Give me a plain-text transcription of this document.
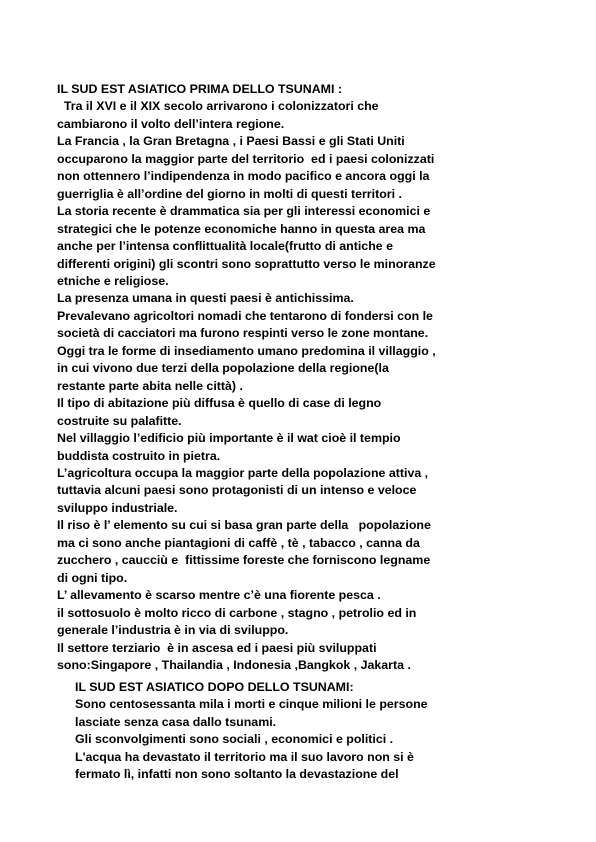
IL SUD EST ASIATICO PRIMA DELLO TSUNAMI :
Tra il XVI e il XIX secolo arrivarono i colonizzatori che
cambiarono il volto dell’intera regione.
La Francia , la Gran Bretagna , i Paesi Bassi e gli Stati Uniti
occuparono la maggior parte del territorio  ed i paesi colonizzati
non ottennero l’indipendenza in modo pacifico e ancora oggi la
guerriglia è all’ordine del giorno in molti di questi territori .
La storia recente è drammatica sia per gli interessi economici e
strategici che le potenze economiche hanno in questa area ma
anche per l’intensa conflittualità locale(frutto di antiche e
differenti origini) gli scontri sono soprattutto verso le minoranze
etniche e religiose.
La presenza umana in questi paesi è antichissima.
Prevalevano agricoltori nomadi che tentarono di fondersi con le
società di cacciatori ma furono respinti verso le zone montane.
Oggi tra le forme di insediamento umano predomina il villaggio ,
in cui vivono due terzi della popolazione della regione(la
restante parte abita nelle città) .
Il tipo di abitazione più diffusa è quello di case di legno
costruite su palafitte.
Nel villaggio l’edificio più importante è il wat cioè il tempio
buddista costruito in pietra.
L’agricoltura occupa la maggior parte della popolazione attiva ,
tuttavia alcuni paesi sono protagonisti di un intenso e veloce
sviluppo industriale.
Il riso è l’ elemento su cui si basa gran parte della   popolazione
ma ci sono anche piantagioni di caffè , tè , tabacco , canna da
zucchero , caucciù e  fittissime foreste che forniscono legname
di ogni tipo.
L’ allevamento è scarso mentre c’è una fiorente pesca .
il sottosuolo è molto ricco di carbone , stagno , petrolio ed in
generale l’industria è in via di sviluppo.
Il settore terziario  è in ascesa ed i paesi più sviluppati
sono:Singapore , Thailandia , Indonesia ,Bangkok , Jakarta .
IL SUD EST ASIATICO DOPO DELLO TSUNAMI:
Sono centosessanta mila i morti e cinque milioni le persone
lasciate senza casa dallo tsunami.
Gli sconvolgimenti sono sociali , economici e politici .
L'acqua ha devastato il territorio ma il suo lavoro non si è
fermato lì, infatti non sono soltanto la devastazione del
